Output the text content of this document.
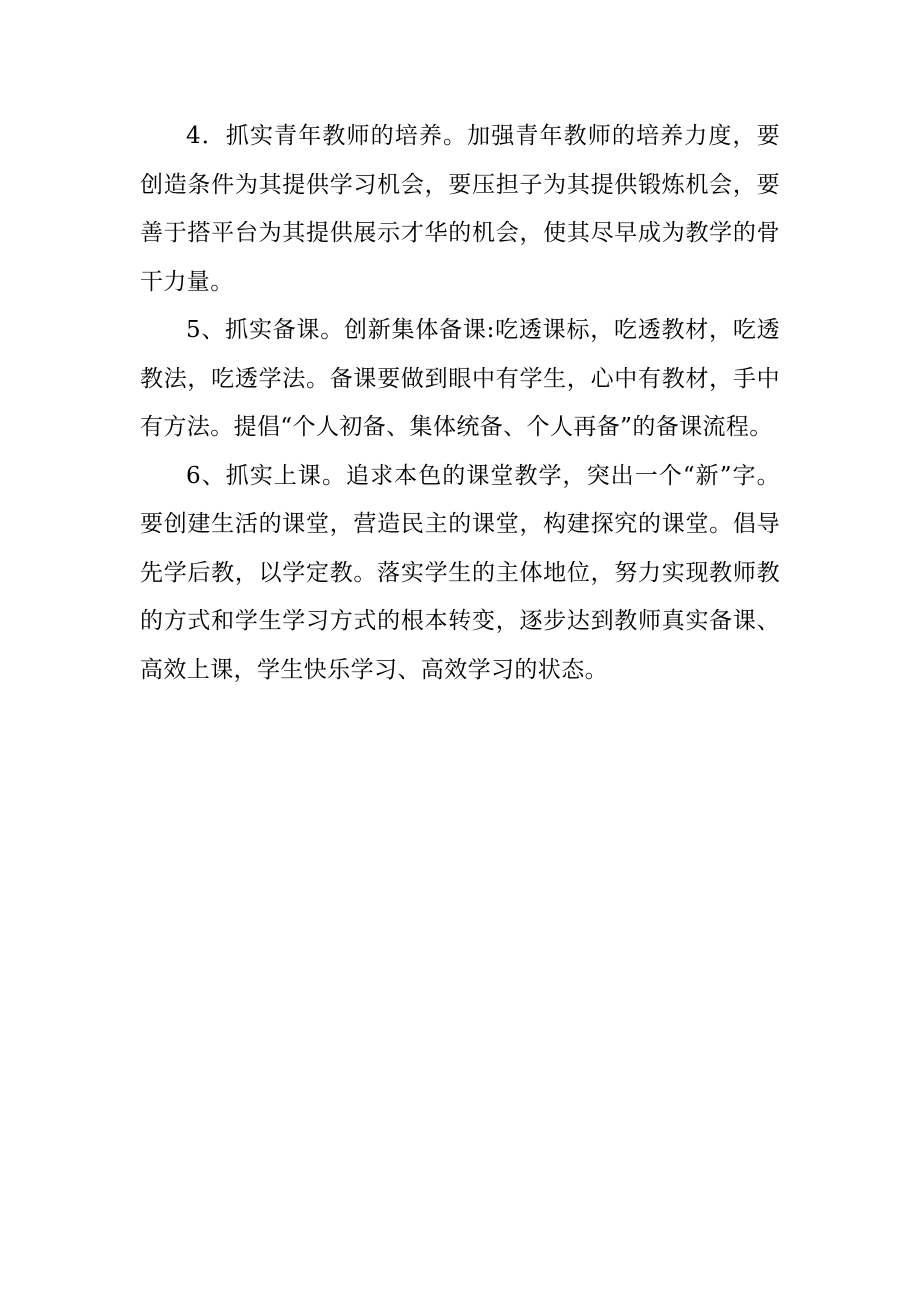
4．抓实青年教师的培养。加强青年教师的培养力度，要创造条件为其提供学习机会，要压担子为其提供锻炼机会，要善于搭平台为其提供展示才华的机会，使其尽早成为教学的骨干力量。

5、抓实备课。创新集体备课:吃透课标，吃透教材，吃透教法，吃透学法。备课要做到眼中有学生，心中有教材，手中有方法。提倡“个人初备、集体统备、个人再备”的备课流程。

6、抓实上课。追求本色的课堂教学，突出一个“新”字。要创建生活的课堂，营造民主的课堂，构建探究的课堂。倡导先学后教，以学定教。落实学生的主体地位，努力实现教师教的方式和学生学习方式的根本转变，逐步达到教师真实备课、高效上课，学生快乐学习、高效学习的状态。
